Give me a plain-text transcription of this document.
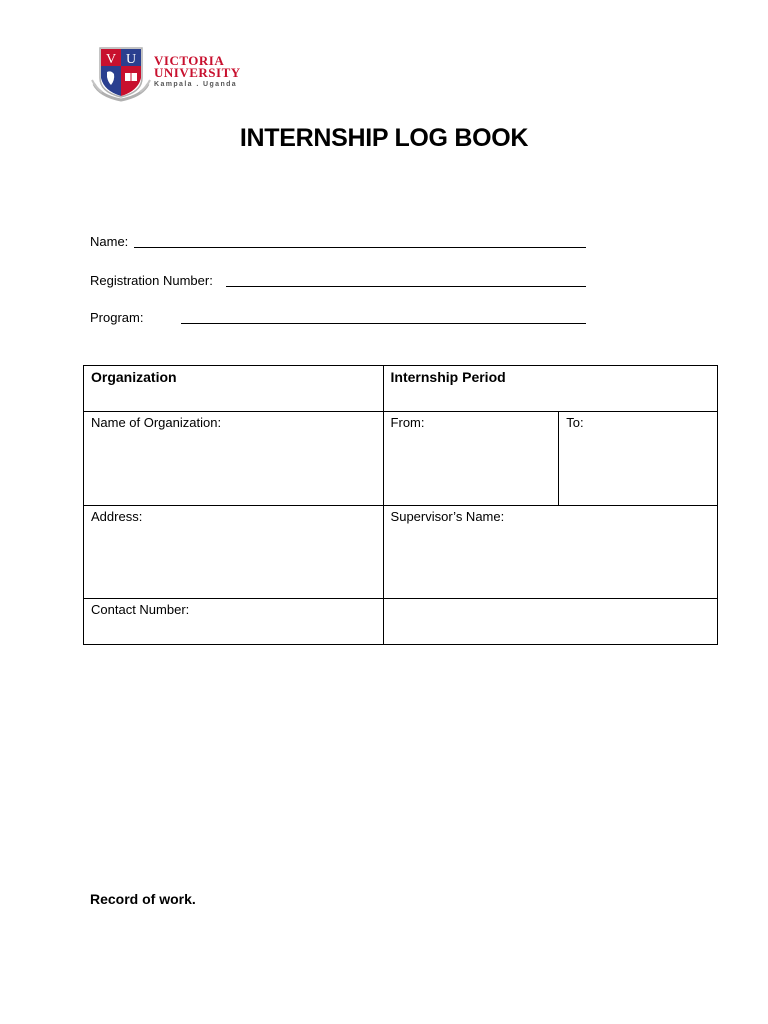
V U VICTORIA
UNIVERSITY
Kampala . Uganda
INTERNSHIP LOG BOOK
Name:
Registration Number:
Program:
Organization	Internship Period	
Name of Organization:	From:	To:
Address:	Supervisor’s Name:	
Contact Number:		
Record of work.
